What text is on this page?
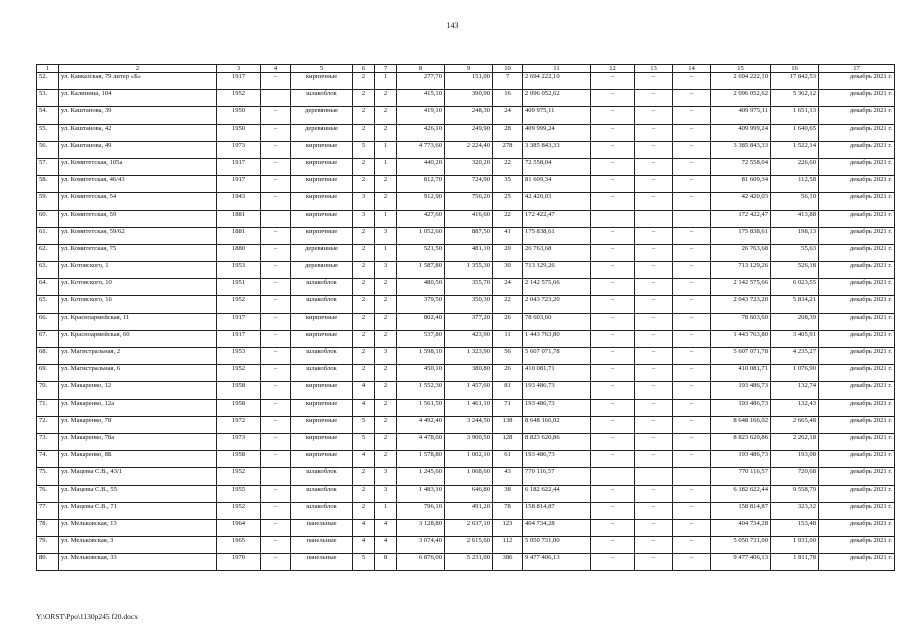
143
1	2	3	4	5	6	7	8	9	10	11	12	13	14	15	16	17
52.	ул. Кавказская, 79 литер «Б»	1917	–	кирпичные	2	1	277,70	151,00	7	2 694 222,10	–	–	–	2 694 222,10	17 842,53	декабрь 2021 г.
53.	ул. Калинина, 104	1952		шлакоблок	2	2	415,10	390,90	16	2 096 052,62	–	–	–	2 096 052,62	5 362,12	декабрь 2021 г.
54.	ул. Каштанова, 39	1950	–	деревянные	2	2	419,10	248,30	24	409 975,11	–	–	–	409 975,11	1 651,13	декабрь 2021 г.
55.	ул. Каштанова, 42	1950	–	деревянные	2	2	426,10	249,90	28	409 999,24	–	–	–	409 999,24	1 640,65	декабрь 2021 г.
56.	ул. Каштанова, 49	1973	–	кирпичные	5	1	4 773,60	2 224,40	278	3 385 843,33	–	–	–	3 385 843,33	1 522,14	декабрь 2021 г.
57.	ул. Комитетская, 105а	1917	–	кирпичные	2	1	440,20	320,20	22	72 558,04	–	–	–	72 558,04	226,60	декабрь 2021 г.
58.	ул. Комитетская, 46/43	1917	–	кирпичные	2	2	812,70	724,90	35	81 609,34	–	–	–	81 609,34	112,58	декабрь 2021 г.
59.	ул. Комитетская, 54	1943	–	кирпичные	3	2	912,90	756,20	25	42 420,03	–	–	–	42 420,03	56,10	декабрь 2021 г.
60.	ул. Комитетская, 59	1881		кирпичные	3	1	427,60	416,60	22	172 422,47				172 422,47	413,88	декабрь 2021 г.
61.	ул. Комитетская, 59/62	1881	–	кирпичные	2	3	1 052,60	887,50	41	175 838,61	–	–	–	175 838,61	198,13	декабрь 2021 г.
62.	ул. Комитетская, 75	1880	–	деревянные	2	1	521,50	481,10	20	26 763,68	–	–	–	26 763,68	55,63	декабрь 2021 г.
63.	ул. Котовского, 1	1953	–	деревянные	2	3	1 587,80	1 355,30	30	713 129,26	–	–	–	713 129,26	526,18	декабрь 2021 г.
64.	ул. Котовского, 10	1951	–	шлакоблок	2	2	480,50	355,70	24	2 142 575,66	–	–	–	2 142 575,66	6 023,55	декабрь 2021 г.
65.	ул. Котовского, 16	1952	–	шлакоблок	2	2	379,50	350,30	22	2 043 723,20	–	–	–	2 043 723,20	5 834,21	декабрь 2021 г.
66.	ул. Красноармейская, 11	1917	–	кирпичные	2	2	802,40	377,20	26	78 603,60	–	–	–	78 603,60	208,39	декабрь 2021 г.
67.	ул. Красноармейская, 60	1917	–	кирпичные	2	2	537,80	423,90	11	1 443 763,80	–	–	–	1 443 763,80	3 405,91	декабрь 2021 г.
68.	ул. Магистральная, 2	1953	–	шлакоблок	2	3	1 598,10	1 323,90	56	5 607 071,78	–	–	–	5 607 071,78	4 235,27	декабрь 2021 г.
69.	ул. Магистральная, 6	1952	–	шлакоблок	2	2	450,10	380,80	26	410 081,71	–	–	–	410 081,71	1 076,90	декабрь 2021 г.
70.	ул. Макаренко, 12	1958	–	кирпичные	4	2	1 552,30	1 457,60	81	193 486,73	–	–	–	193 486,73	132,74	декабрь 2021 г.
71.	ул. Макаренко, 12а	1958	–	кирпичные	4	2	1 561,50	1 461,10	71	193 486,73	–	–	–	193 486,73	132,43	декабрь 2021 г.
72.	ул. Макаренко, 78	1972	–	кирпичные	5	2	4 492,40	3 244,50	138	8 648 166,02	–	–	–	8 648 166,02	2 665,48	декабрь 2021 г.
73.	ул. Макаренко, 78а	1973	–	кирпичные	5	2	4 478,60	3 900,50	128	8 823 620,86	–	–	–	8 823 620,86	2 262,18	декабрь 2021 г.
74.	ул. Макаренко, 8Б	1958	–	кирпичные	4	2	1 578,80	1 002,10	61	193 486,73	–	–	–	193 486,73	193,08	декабрь 2021 г.
75.	ул. Мацевы С.В., 43/1	1952		шлакоблок	2	3	1 245,60	1 068,60	43	770 116,57				770 116,57	720,68	декабрь 2021 г.
76.	ул. Мацевы С.В., 55	1955	–	шлакоблок	2	3	1 483,10	646,80	38	6 182 622,44	–	–	–	6 182 622,44	9 558,79	декабрь 2021 г.
77.	ул. Мацевы С.В., 71	1952	–	шлакоблок	2	1	796,10	491,20	78	158 814,87	–	–	–	158 814,87	323,32	декабрь 2021 г.
78.	ул. Мельковская, 13	1964	–	панельные	4	4	3 128,80	2 637,10	123	404 734,28	–	–	–	404 734,28	153,48	декабрь 2021 г.
79.	ул. Мельковская, 3	1965	–	панельные	4	4	3 074,40	2 615,60	112	5 050 731,00	–	–	–	5 050 731,00	1 931,00	декабрь 2021 г.
80.	ул. Мельковская, 33	1970	–	панельные	5	8	6 876,00	5 231,00	386	9 477 406,13	–	–	–	9 477 406,13	1 811,78	декабрь 2021 г.
Y:\ORST\Ppo\1130p245 f20.docx
